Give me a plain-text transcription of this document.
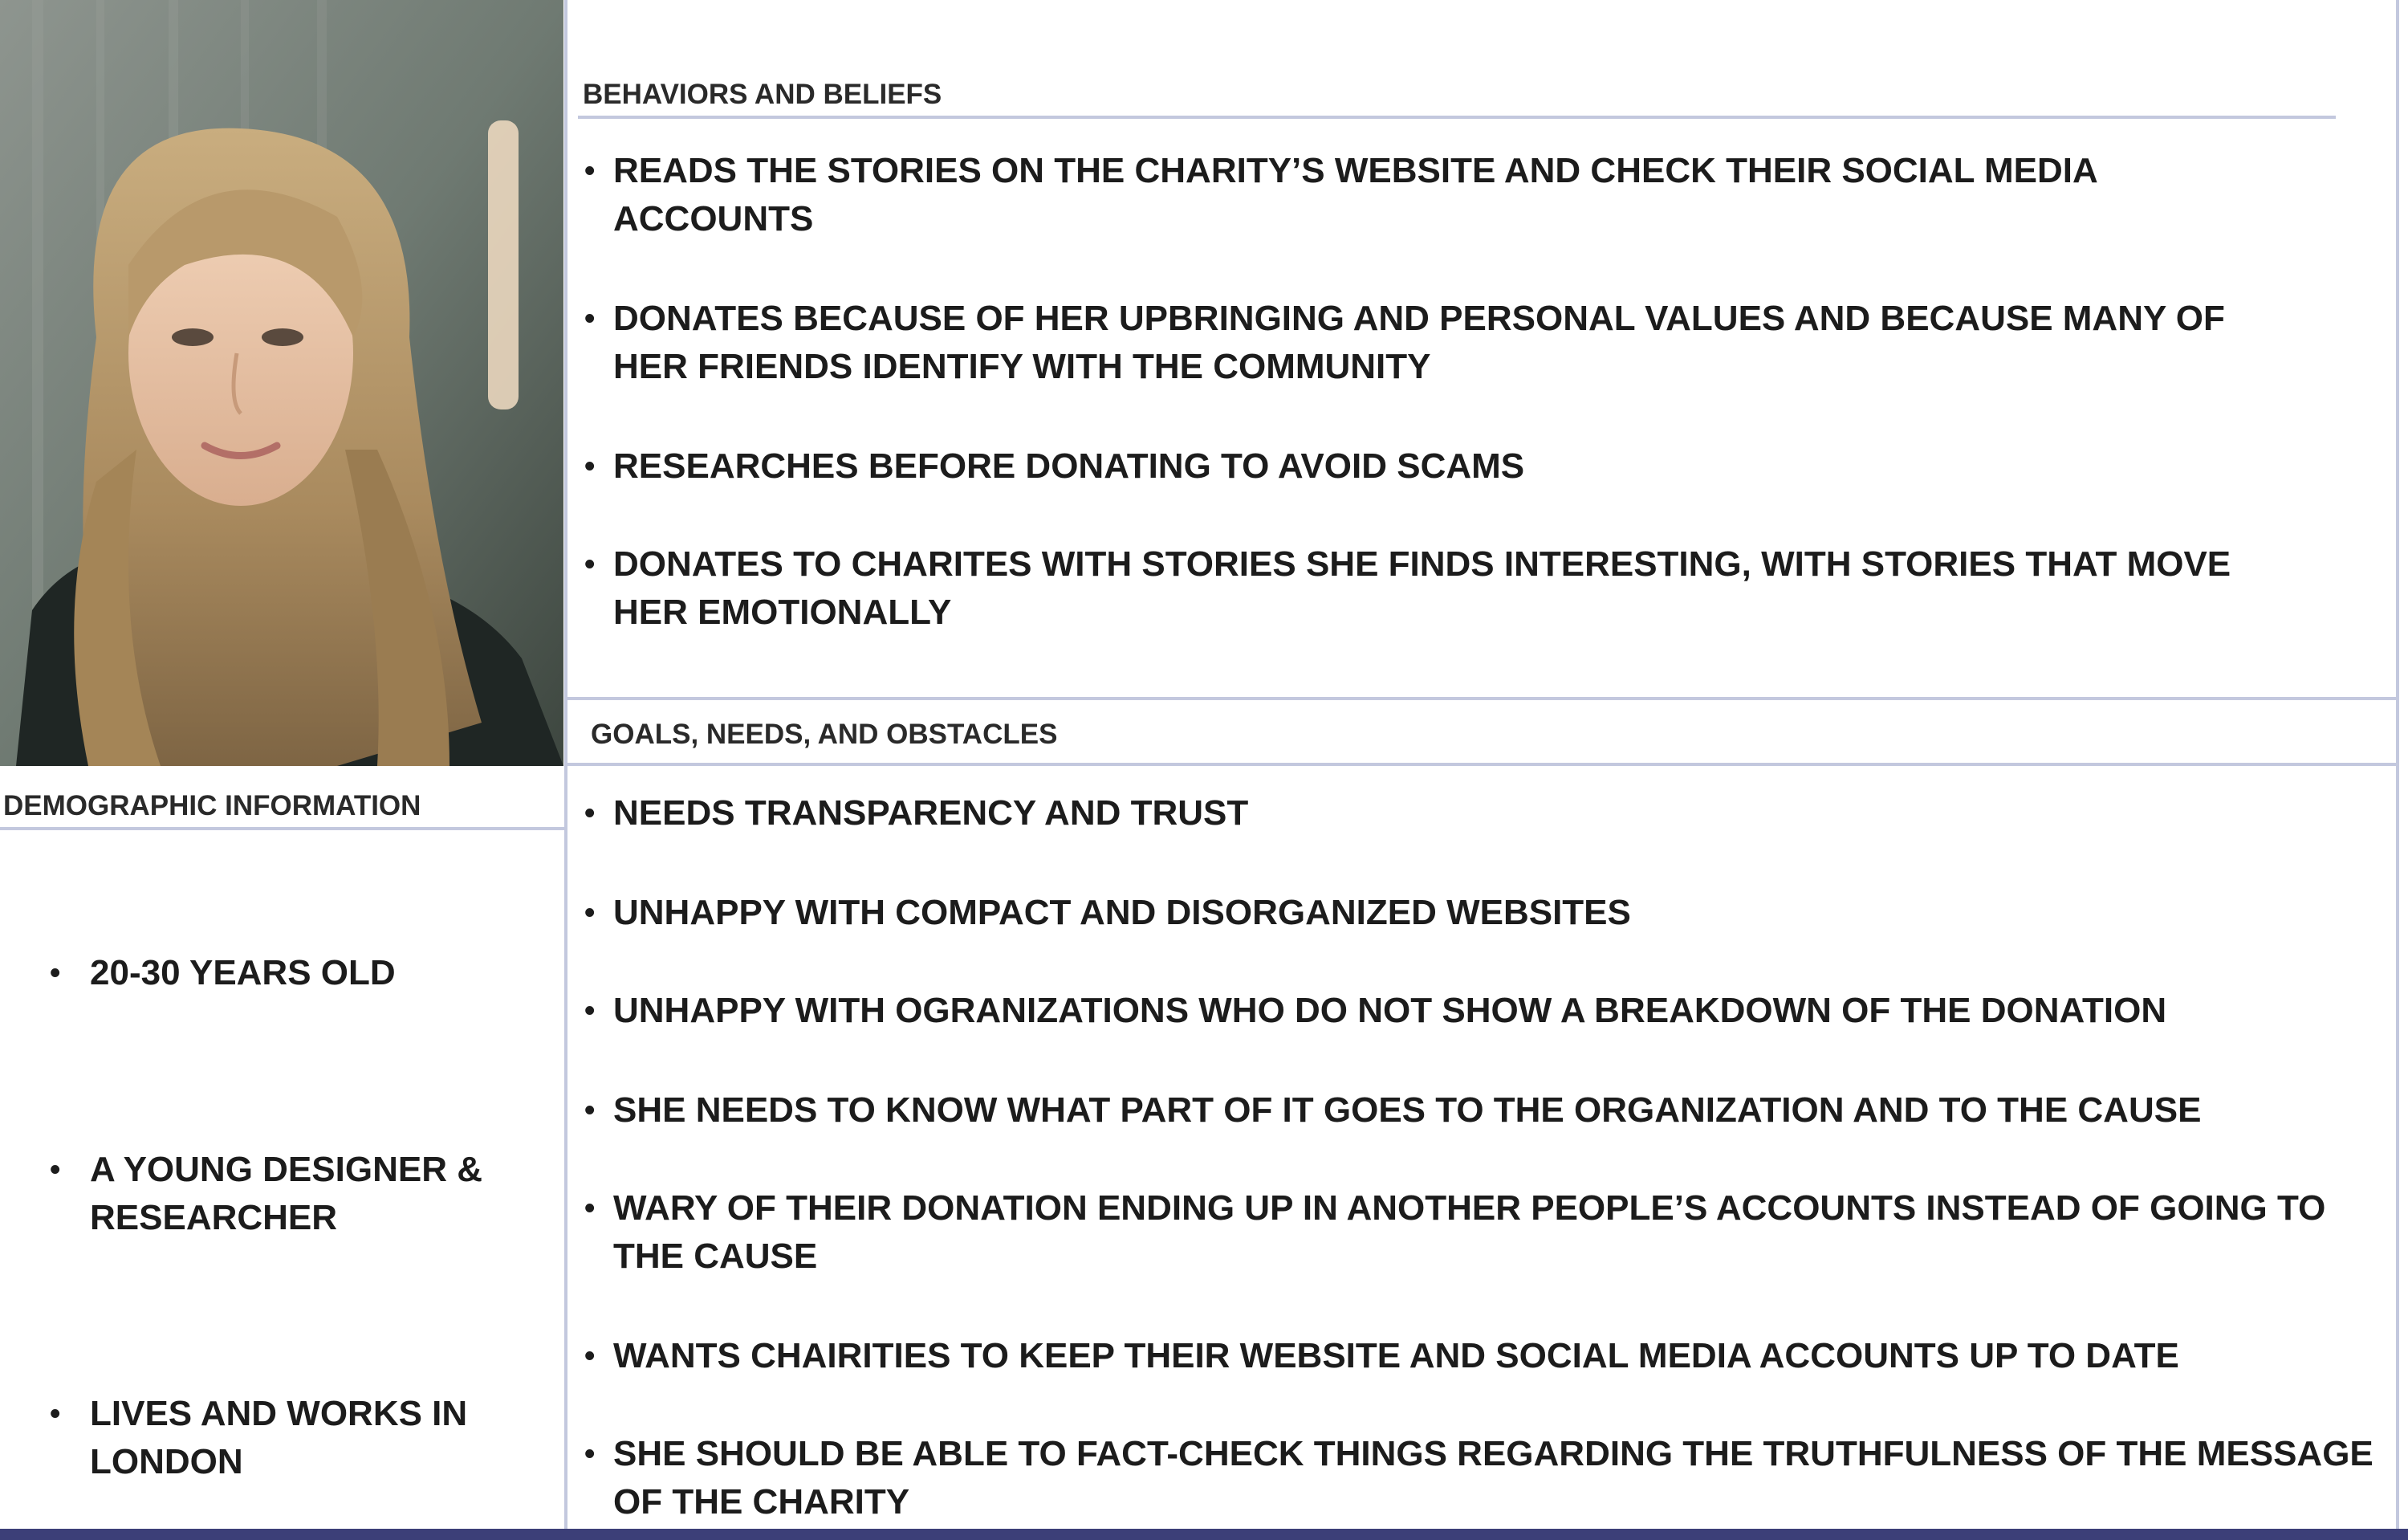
BEHAVIORS AND BELIEFS
• READS THE STORIES ON THE CHARITY’S WEBSITE AND CHECK THEIR SOCIAL MEDIA ACCOUNTS
• DONATES BECAUSE OF HER UPBRINGING AND PERSONAL VALUES AND BECAUSE MANY OF HER FRIENDS IDENTIFY WITH THE COMMUNITY
• RESEARCHES BEFORE DONATING TO AVOID SCAMS
• DONATES TO CHARITES WITH STORIES SHE FINDS INTERESTING, WITH STORIES THAT MOVE HER EMOTIONALLY
GOALS, NEEDS, AND OBSTACLES
• NEEDS TRANSPARENCY AND TRUST
• UNHAPPY WITH COMPACT AND DISORGANIZED WEBSITES
• UNHAPPY WITH OGRANIZATIONS WHO DO NOT SHOW A BREAKDOWN OF THE DONATION
• SHE NEEDS TO KNOW WHAT PART OF IT GOES TO THE ORGANIZATION AND TO THE CAUSE
• WARY OF THEIR DONATION ENDING UP IN ANOTHER PEOPLE’S ACCOUNTS INSTEAD OF GOING TO THE CAUSE
• WANTS CHAIRITIES TO KEEP THEIR WEBSITE AND SOCIAL MEDIA ACCOUNTS UP TO DATE
• SHE SHOULD BE ABLE TO FACT-CHECK THINGS REGARDING THE TRUTHFULNESS OF THE MESSAGE OF THE CHARITY
DEMOGRAPHIC INFORMATION
• 20-30 YEARS OLD
• A YOUNG DESIGNER & RESEARCHER
• LIVES AND WORKS IN LONDON
